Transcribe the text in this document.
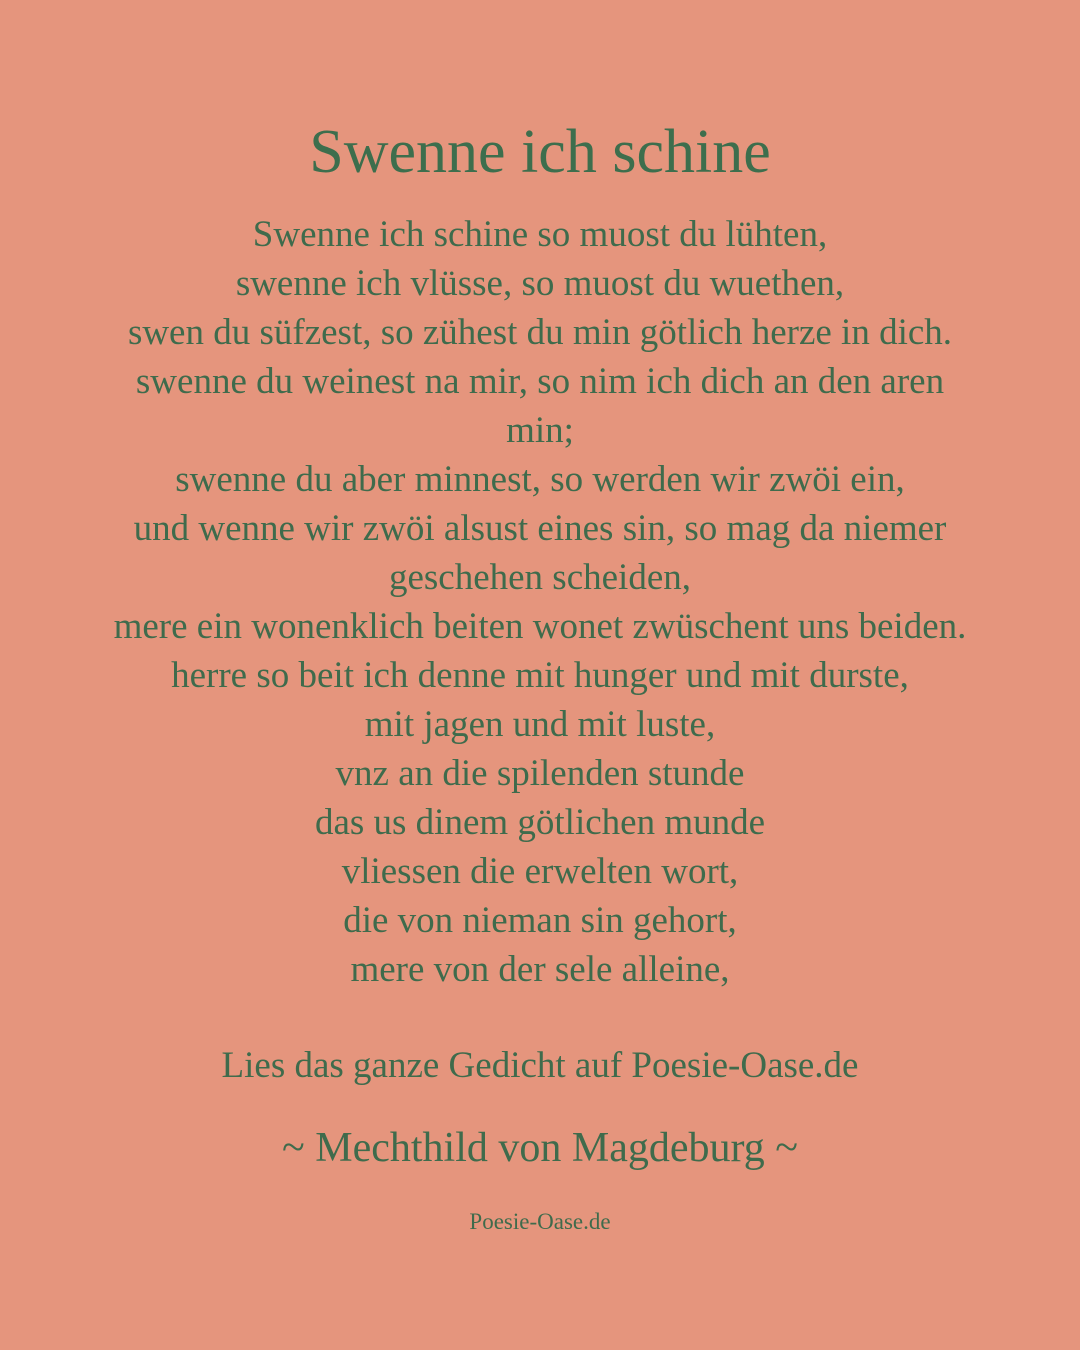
Swenne ich schine
Swenne ich schine so muost du lühten,
swenne ich vlüsse, so muost du wuethen,
swen du süfzest, so zühest du min götlich herze in dich.
swenne du weinest na mir, so nim ich dich an den aren
min;
swenne du aber minnest, so werden wir zwöi ein,
und wenne wir zwöi alsust eines sin, so mag da niemer
geschehen scheiden,
mere ein wonenklich beiten wonet zwüschent uns beiden.
herre so beit ich denne mit hunger und mit durste,
mit jagen und mit luste,
vnz an die spilenden stunde
das us dinem götlichen munde
vliessen die erwelten wort,
die von nieman sin gehort,
mere von der sele alleine,

Lies das ganze Gedicht auf Poesie-Oase.de

~ Mechthild von Magdeburg ~

Poesie-Oase.de
